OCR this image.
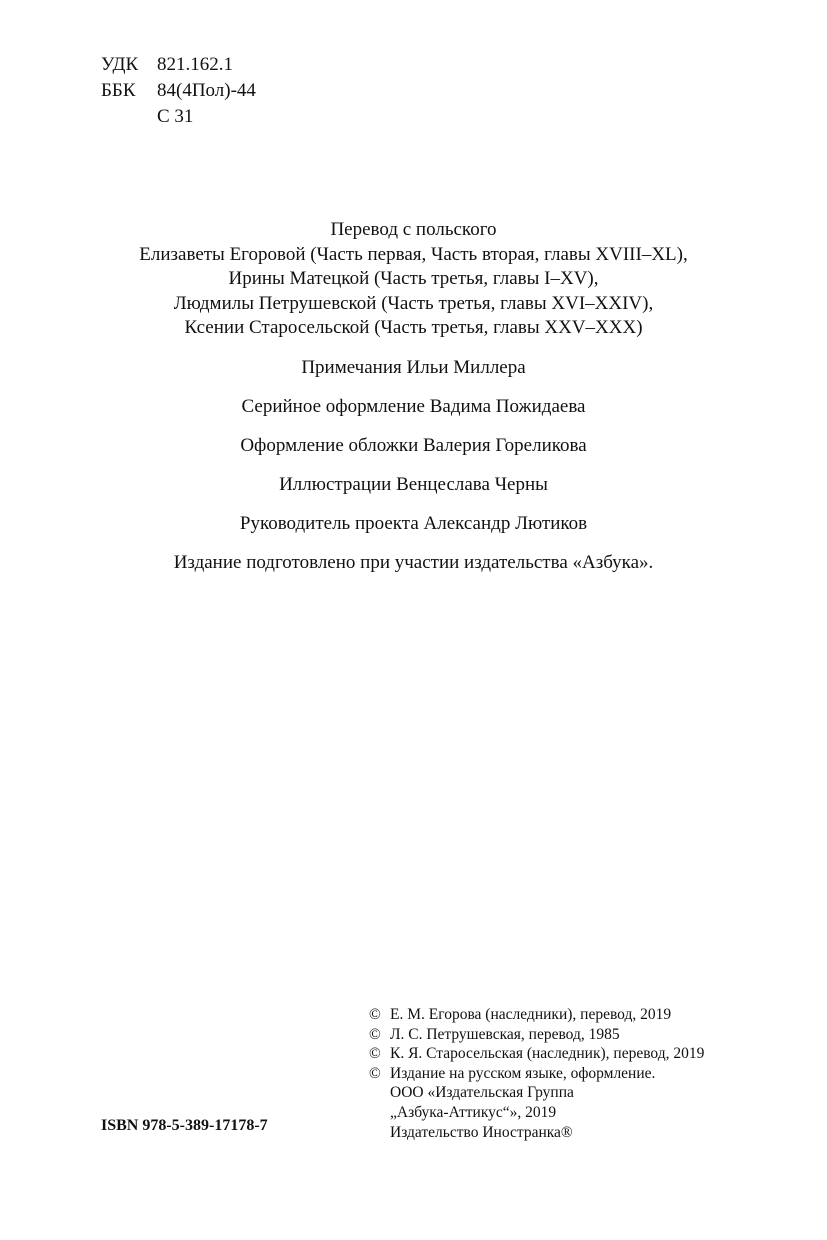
УДК 821.162.1
ББК 84(4Пол)-44
С 31
Перевод с польского
Елизаветы Егоровой (Часть первая, Часть вторая, главы XVIII–XL),
Ирины Матецкой (Часть третья, главы I–XV),
Людмилы Петрушевской (Часть третья, главы XVI–XXIV),
Ксении Старосельской (Часть третья, главы XXV–XXX)
Примечания Ильи Миллера
Серийное оформление Вадима Пожидаева
Оформление обложки Валерия Гореликова
Иллюстрации Венцеслава Черны
Руководитель проекта Александр Лютиков
Издание подготовлено при участии издательства «Азбука».
© Е. М. Егорова (наследники), перевод, 2019
© Л. С. Петрушевская, перевод, 1985
© К. Я. Старосельская (наследник), перевод, 2019
© Издание на русском языке, оформление.
ООО «Издательская Группа
„Азбука-Аттикус“», 2019
Издательство Иностранка®
ISBN 978-5-389-17178-7
